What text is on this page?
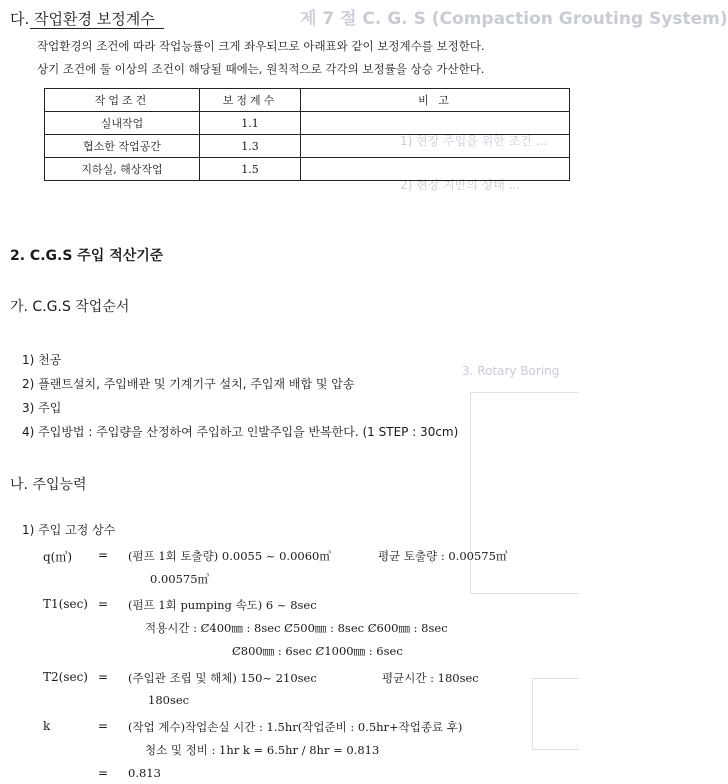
제 7 절 C. G. S (Compaction Grouting System)
1) 현장 주입을 위한 조건 ...
2) 현장 지반의 상태 ...
3. Rotary Boring
다. 작업환경 보정계수
작업환경의 조건에 따라 작업능률이 크게 좌우되므로 아래표와 같이 보정계수를 보정한다.
상기 조건에 둘 이상의 조건이 해당될 때에는, 원칙적으로 각각의 보정률을 상승 가산한다.
작업조건	보정계수	비 고
실내작업	1.1	
협소한 작업공간	1.3	
지하실, 해상작업	1.5	
2. C.G.S 주입 적산기준
가. C.G.S 작업순서
1) 천공
2) 플랜트설치, 주입배관 및 기계기구 설치, 주입재 배합 및 압송
3) 주입
4) 주입방법 : 주입량을 산정하여 주입하고 인발주입을 반복한다. (1 STEP : 30cm)
나. 주입능력
1) 주입 고정 상수
q(㎥) = (펌프 1회 토출량) 0.0055 ~ 0.0060㎥	평균 토출량 : 0.00575㎥
0.00575㎥
T1(sec) = (펌프 1회 pumping 속도) 6 ~ 8sec
적용시간 : Ȼ400㎜ : 8sec Ȼ500㎜ : 8sec Ȼ600㎜ : 8sec
Ȼ800㎜ : 6sec Ȼ1000㎜ : 6sec
T2(sec) = (주입관 조립 및 해체) 150~ 210sec	평균시간 : 180sec
180sec
k	= (작업 계수)작업손실 시간 : 1.5hr(작업준비 : 0.5hr+작업종료 후)
청소 및 정비 : 1hr k = 6.5hr / 8hr = 0.813
= 0.813
